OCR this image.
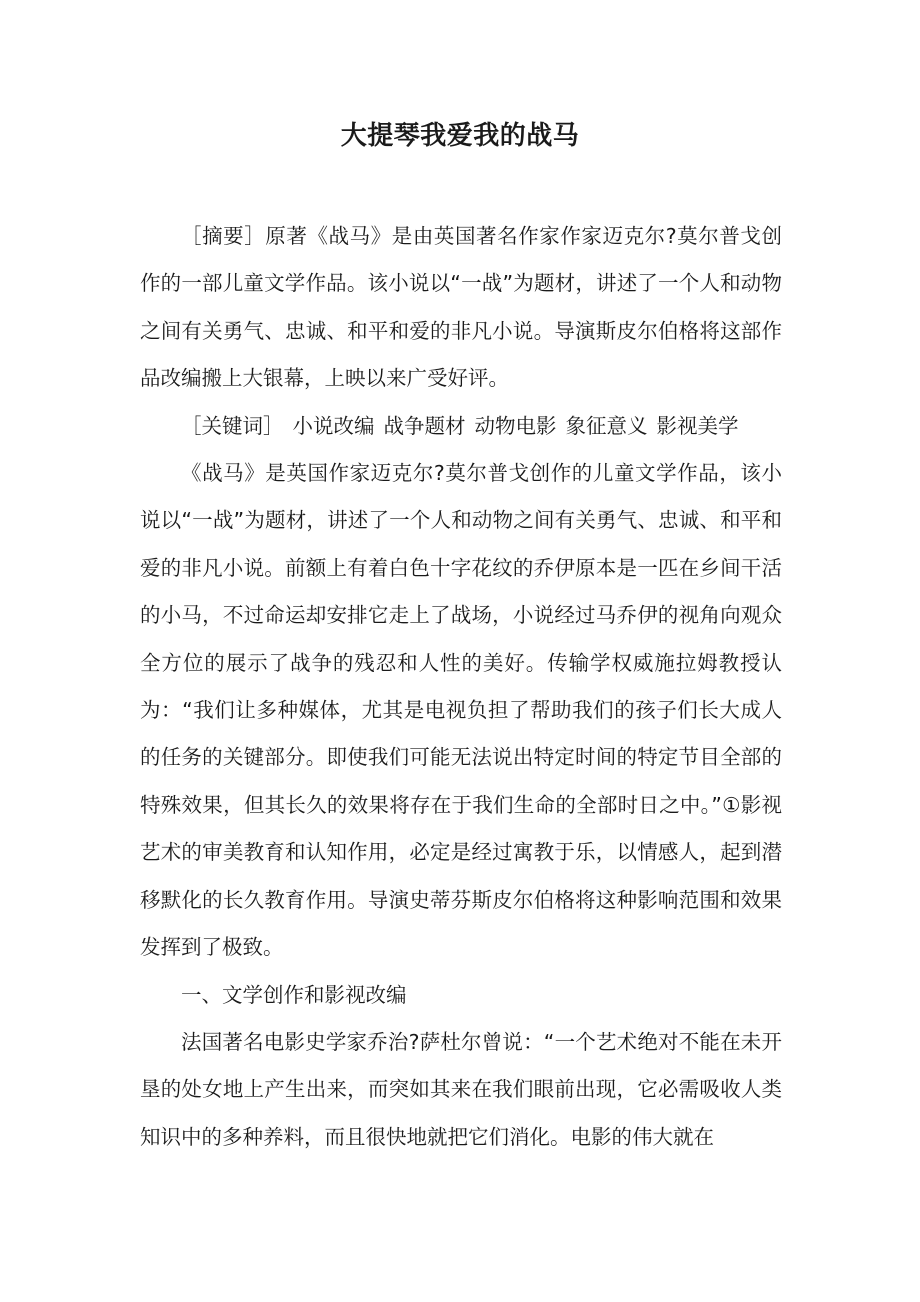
大提琴我爱我的战马

［摘要］原著《战马》是由英国著名作家作家迈克尔?莫尔普戈创作的一部儿童文学作品。该小说以“一战”为题材，讲述了一个人和动物之间有关勇气、忠诚、和平和爱的非凡小说。导演斯皮尔伯格将这部作品改编搬上大银幕，上映以来广受好评。

［关键词］ 小说改编 战争题材 动物电影 象征意义 影视美学

《战马》是英国作家迈克尔?莫尔普戈创作的儿童文学作品，该小说以“一战”为题材，讲述了一个人和动物之间有关勇气、忠诚、和平和爱的非凡小说。前额上有着白色十字花纹的乔伊原本是一匹在乡间干活的小马，不过命运却安排它走上了战场，小说经过马乔伊的视角向观众全方位的展示了战争的残忍和人性的美好。传输学权威施拉姆教授认为：“我们让多种媒体，尤其是电视负担了帮助我们的孩子们长大成人的任务的关键部分。即使我们可能无法说出特定时间的特定节目全部的特殊效果，但其长久的效果将存在于我们生命的全部时日之中。”①影视艺术的审美教育和认知作用，必定是经过寓教于乐，以情感人，起到潜移默化的长久教育作用。导演史蒂芬斯皮尔伯格将这种影响范围和效果发挥到了极致。

一、文学创作和影视改编

法国著名电影史学家乔治?萨杜尔曾说：“一个艺术绝对不能在未开垦的处女地上产生出来，而突如其来在我们眼前出现，它必需吸收人类知识中的多种养料，而且很快地就把它们消化。电影的伟大就在
